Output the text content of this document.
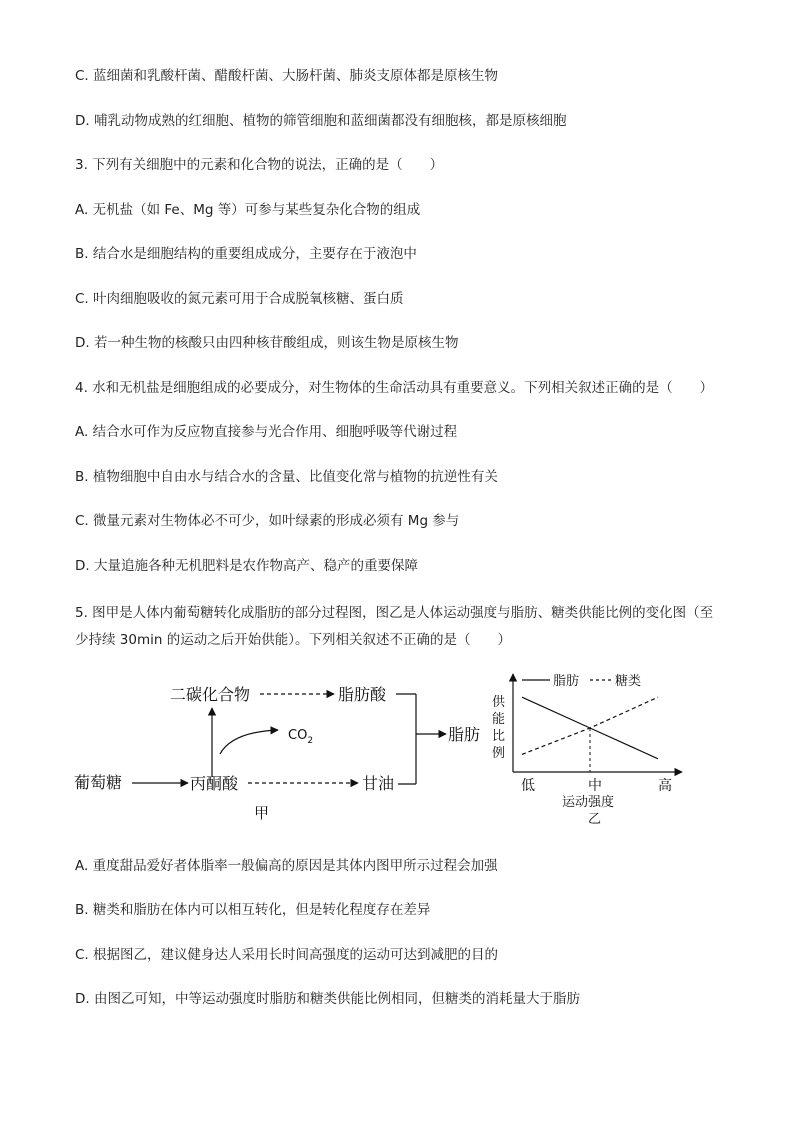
C. 蓝细菌和乳酸杆菌、醋酸杆菌、大肠杆菌、肺炎支原体都是原核生物
D. 哺乳动物成熟的红细胞、植物的筛管细胞和蓝细菌都没有细胞核，都是原核细胞
3. 下列有关细胞中的元素和化合物的说法，正确的是（　　）
A. 无机盐（如 Fe、Mg 等）可参与某些复杂化合物的组成
B. 结合水是细胞结构的重要组成成分，主要存在于液泡中
C. 叶肉细胞吸收的氮元素可用于合成脱氧核糖、蛋白质
D. 若一种生物的核酸只由四种核苷酸组成，则该生物是原核生物
4. 水和无机盐是细胞组成的必要成分，对生物体的生命活动具有重要意义。下列相关叙述正确的是（　　）
A. 结合水可作为反应物直接参与光合作用、细胞呼吸等代谢过程
B. 植物细胞中自由水与结合水的含量、比值变化常与植物的抗逆性有关
C. 微量元素对生物体必不可少，如叶绿素的形成必须有 Mg 参与
D. 大量追施各种无机肥料是农作物高产、稳产的重要保障
5. 图甲是人体内葡萄糖转化成脂肪的部分过程图，图乙是人体运动强度与脂肪、糖类供能比例的变化图（至少持续 30min 的运动之后开始供能）。下列相关叙述不正确的是（　　）
二碳化合物	脂肪酸
$CO_2$
葡萄糖	丙酮酸	甘油
脂肪
甲
脂肪	糖类
供
能
比
例
低	中	高
运动强度
乙
A. 重度甜品爱好者体脂率一般偏高的原因是其体内图甲所示过程会加强
B. 糖类和脂肪在体内可以相互转化，但是转化程度存在差异
C. 根据图乙，建议健身达人采用长时间高强度的运动可达到减肥的目的
D. 由图乙可知，中等运动强度时脂肪和糖类供能比例相同，但糖类的消耗量大于脂肪
